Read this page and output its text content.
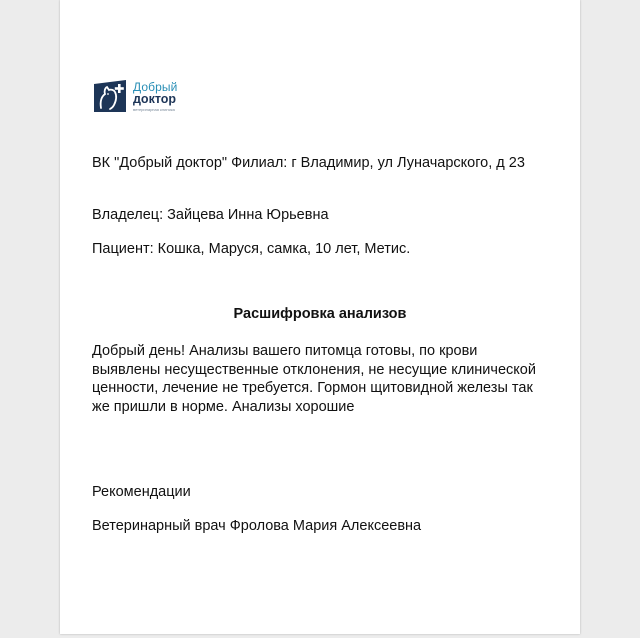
Добрый
доктор
ветеринарная клиника
ВК "Добрый доктор" Филиал: г Владимир, ул Луначарского, д 23
Владелец: Зайцева Инна Юрьевна
Пациент: Кошка, Маруся, самка, 10 лет, Метис.
Расшифровка анализов
Добрый день! Анализы вашего питомца готовы, по крови выявлены несущественные отклонения, не несущие клинической ценности, лечение не требуется. Гормон щитовидной железы так же пришли в норме. Анализы хорошие
Рекомендации
Ветеринарный врач Фролова Мария Алексеевна
